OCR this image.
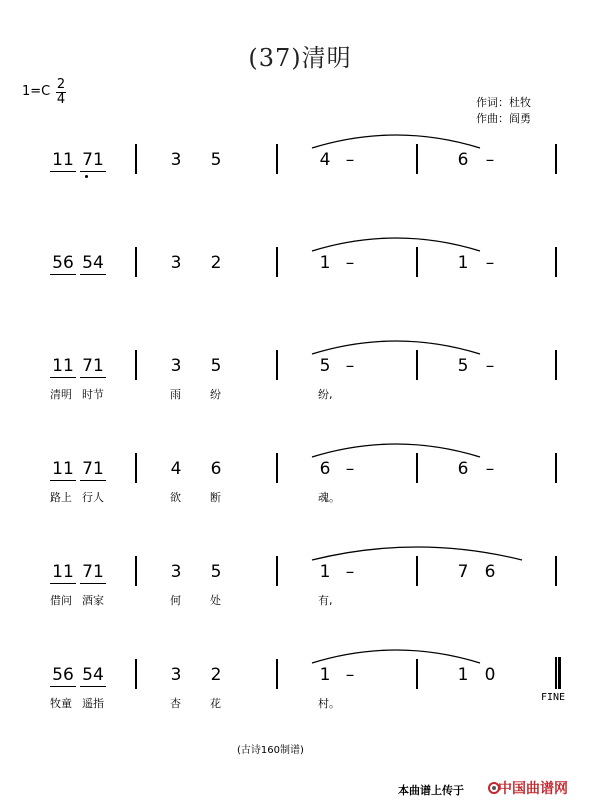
(37)清明
1=C 2
4	作词：杜牧
作曲：阎勇
11 71	3 5	4 –	6 –
56 54	3 2	1 –	1 –
11 71	3 5	5 –	5 –
清明 时节	雨	纷	纷,
11 71	4 6	6 –	6 –
路上 行人	欲	断	魂。
11 71	3 5	1 –	7 6
借问 酒家	何	处	有,
56 54	3 2	1 –	1 0
牧童 遥指	杏	花	村。	FINE
(古诗160制谱)
本曲谱上传于 中国曲谱网
